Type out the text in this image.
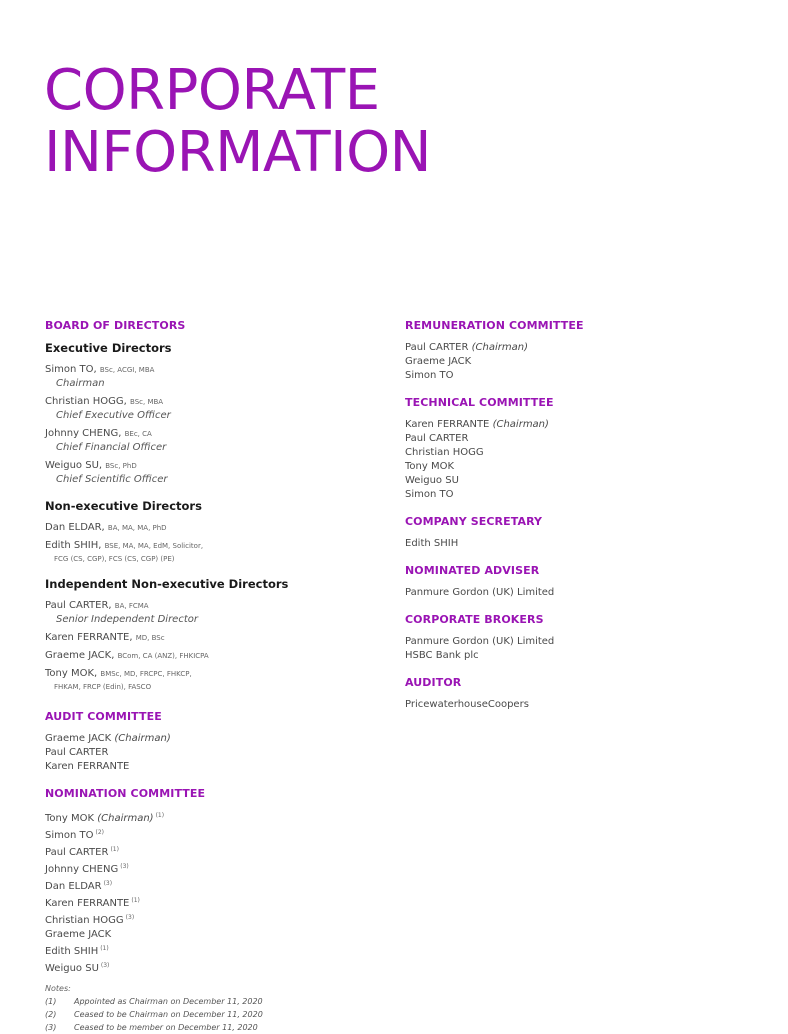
CORPORATE
INFORMATION
BOARD OF DIRECTORS
Executive Directors
Simon TO, BSc, ACGI, MBA
Chairman
Christian HOGG, BSc, MBA
Chief Executive Officer
Johnny CHENG, BEc, CA
Chief Financial Officer
Weiguo SU, BSc, PhD
Chief Scientific Officer
Non-executive Directors
Dan ELDAR, BA, MA, MA, PhD
Edith SHIH, BSE, MA, MA, EdM, Solicitor,
FCG (CS, CGP), FCS (CS, CGP) (PE)
Independent Non-executive Directors
Paul CARTER, BA, FCMA
Senior Independent Director
Karen FERRANTE, MD, BSc
Graeme JACK, BCom, CA (ANZ), FHKICPA
Tony MOK, BMSc, MD, FRCPC, FHKCP,
FHKAM, FRCP (Edin), FASCO
AUDIT COMMITTEE
Graeme JACK (Chairman)
Paul CARTER
Karen FERRANTE
NOMINATION COMMITTEE
Tony MOK (Chairman) $^{(1)}$
Simon TO $^{(2)}$
Paul CARTER $^{(1)}$
Johnny CHENG $^{(3)}$
Dan ELDAR $^{(3)}$
Karen FERRANTE $^{(1)}$
Christian HOGG $^{(3)}$
Graeme JACK
Edith SHIH $^{(1)}$
Weiguo SU $^{(3)}$
Notes:
(1) Appointed as Chairman on December 11, 2020
(2) Ceased to be Chairman on December 11, 2020
(3) Ceased to be member on December 11, 2020
REMUNERATION COMMITTEE
Paul CARTER (Chairman)
Graeme JACK
Simon TO
TECHNICAL COMMITTEE
Karen FERRANTE (Chairman)
Paul CARTER
Christian HOGG
Tony MOK
Weiguo SU
Simon TO
COMPANY SECRETARY
Edith SHIH
NOMINATED ADVISER
Panmure Gordon (UK) Limited
CORPORATE BROKERS
Panmure Gordon (UK) Limited
HSBC Bank plc
AUDITOR
PricewaterhouseCoopers
